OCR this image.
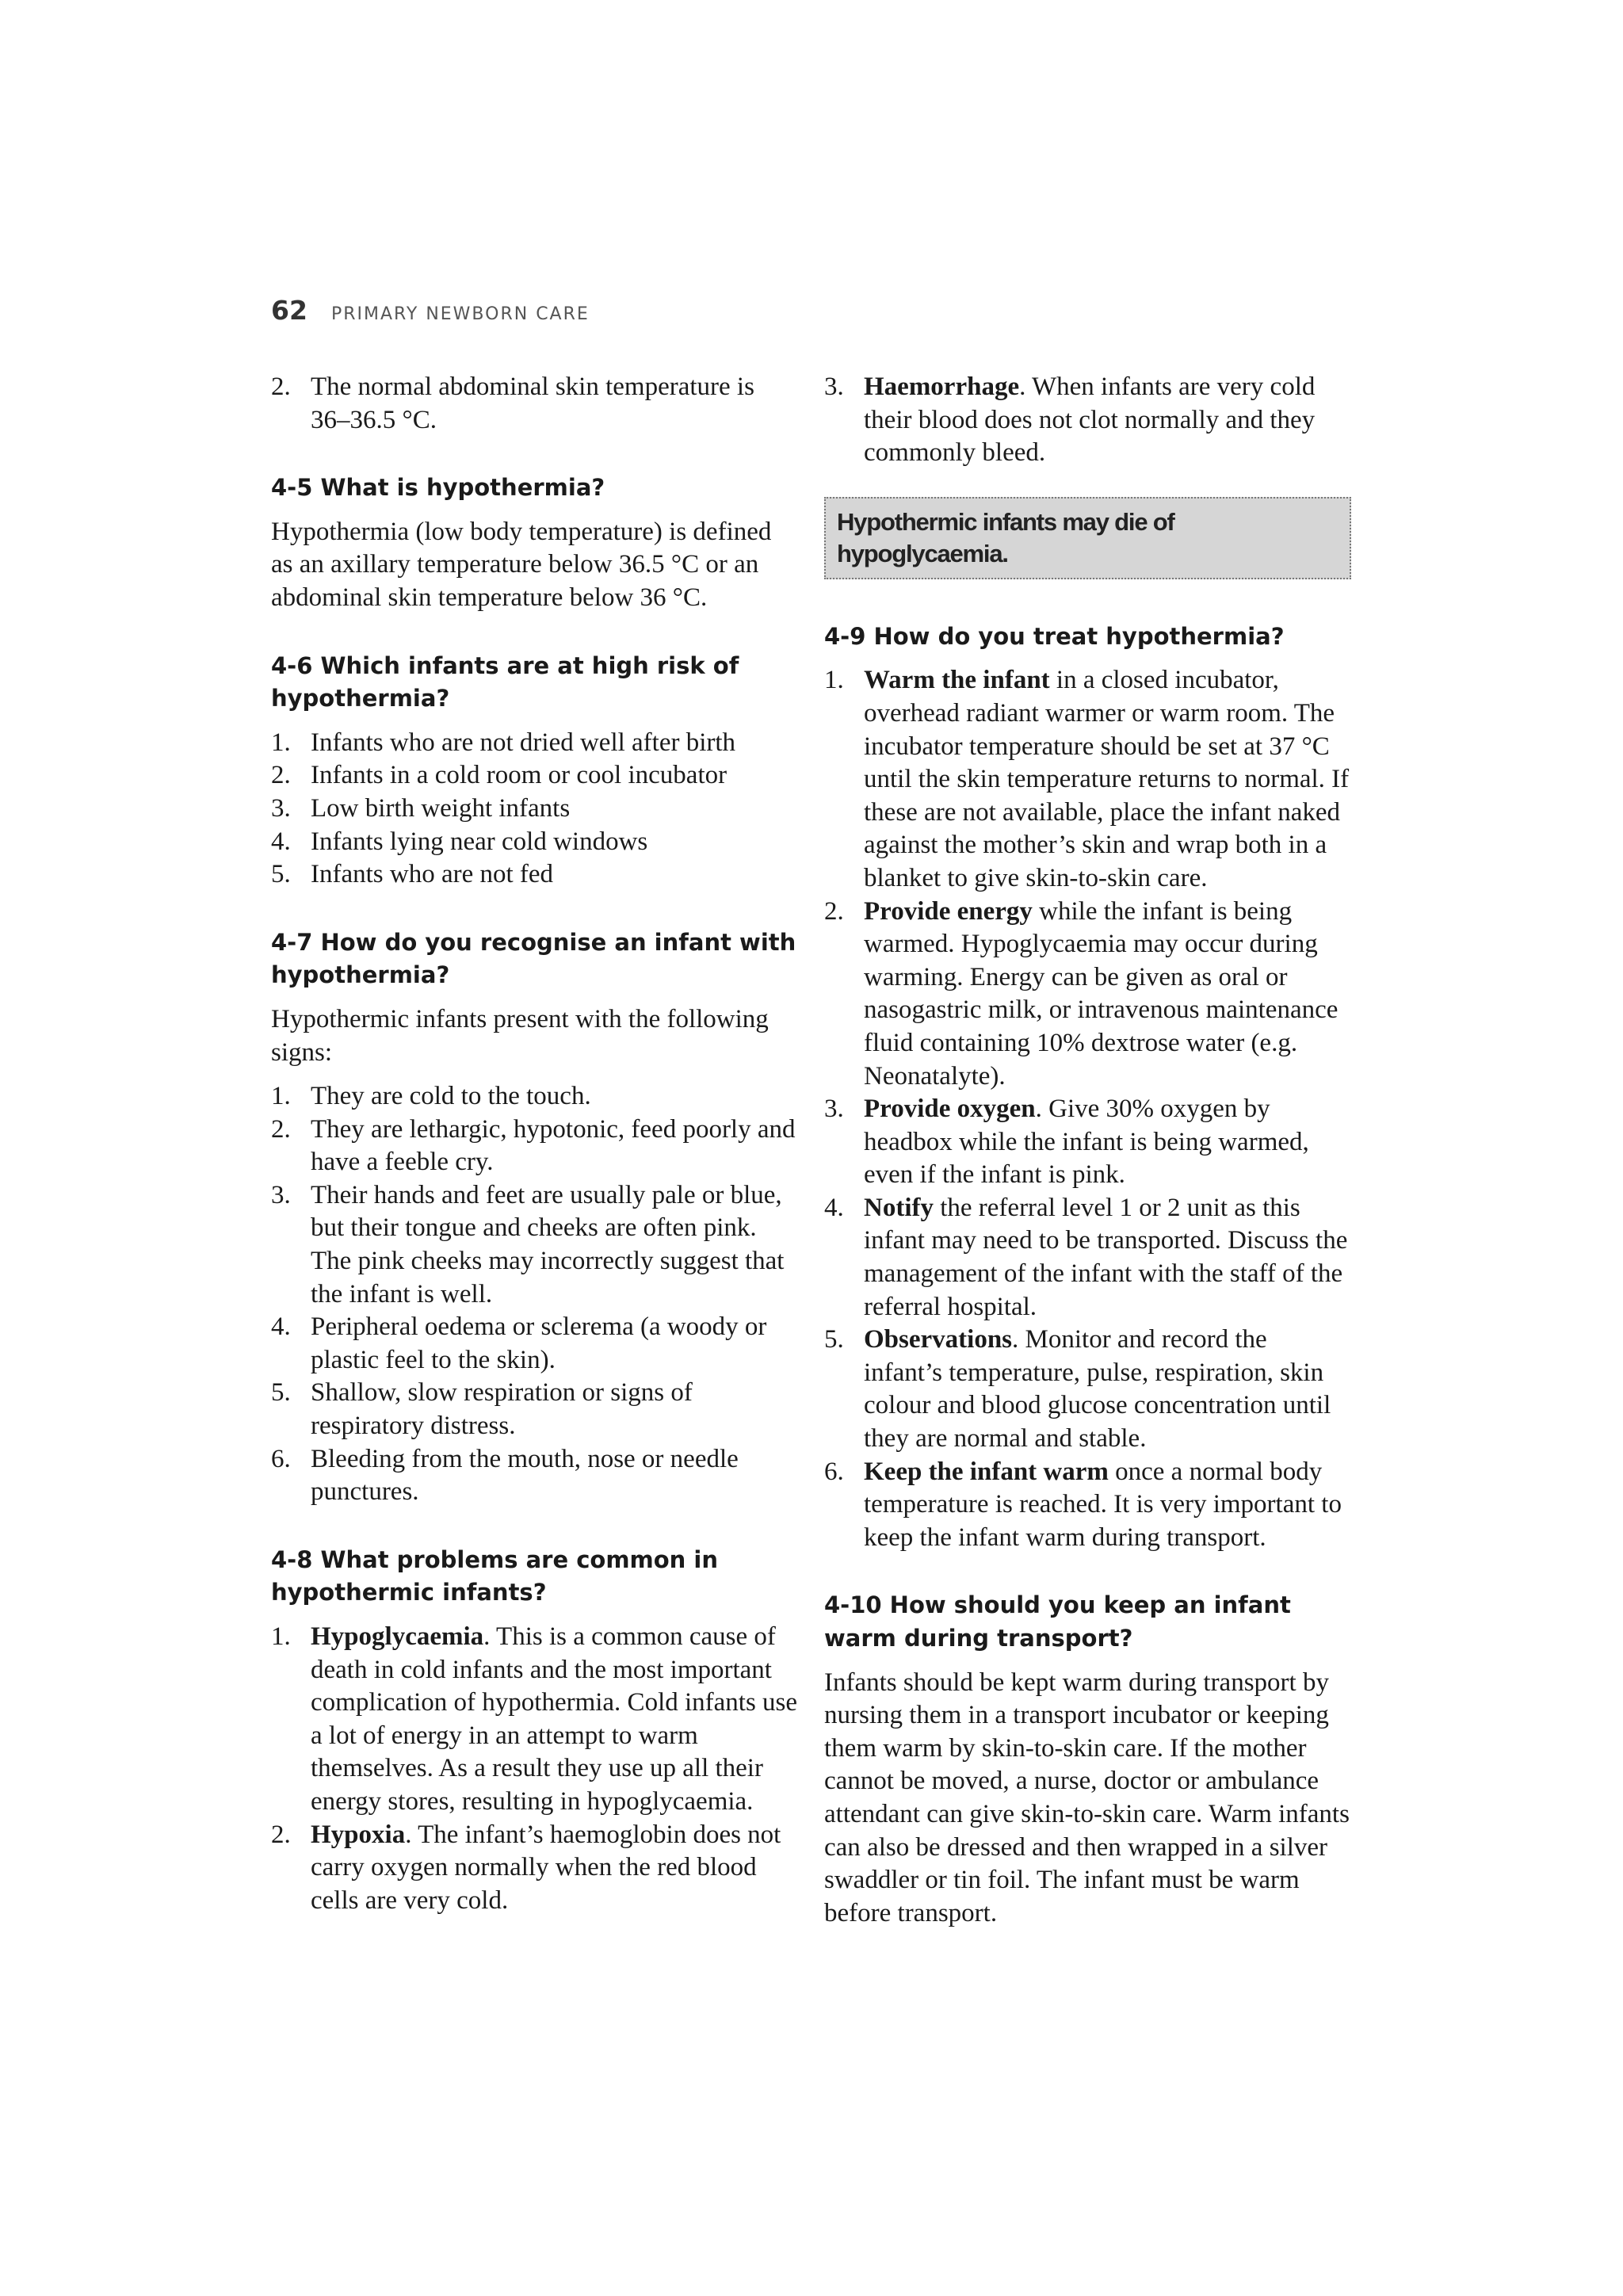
62 PRIMARY NEWBORN CARE
2. The normal abdominal skin temperature is 36–36.5 °C.
4-5 What is hypothermia?

Hypothermia (low body temperature) is defined as an axillary temperature below 36.5 °C or an abdominal skin temperature below 36 °C.

4-6 Which infants are at high risk of hypothermia?
1. Infants who are not dried well after birth
2. Infants in a cold room or cool incubator
3. Low birth weight infants
4. Infants lying near cold windows
5. Infants who are not fed
4-7 How do you recognise an infant with hypothermia?

Hypothermic infants present with the following signs:

1. They are cold to the touch.
2. They are lethargic, hypotonic, feed poorly and have a feeble cry.
3. Their hands and feet are usually pale or blue, but their tongue and cheeks are often pink. The pink cheeks may incorrectly suggest that the infant is well.
4. Peripheral oedema or sclerema (a woody or plastic feel to the skin).
5. Shallow, slow respiration or signs of respiratory distress.
6. Bleeding from the mouth, nose or needle punctures.
4-8 What problems are common in hypothermic infants?
1. Hypoglycaemia. This is a common cause of death in cold infants and the most important complication of hypothermia. Cold infants use a lot of energy in an attempt to warm themselves. As a result they use up all their energy stores, resulting in hypoglycaemia.
2. Hypoxia. The infant’s haemoglobin does not carry oxygen normally when the red blood cells are very cold.
3. Haemorrhage. When infants are very cold their blood does not clot normally and they commonly bleed.
Hypothermic infants may die of hypoglycaemia.
4-9 How do you treat hypothermia?
1. Warm the infant in a closed incubator, overhead radiant warmer or warm room. The incubator temperature should be set at 37 °C until the skin temperature returns to normal. If these are not available, place the infant naked against the mother’s skin and wrap both in a blanket to give skin-to-skin care.
2. Provide energy while the infant is being warmed. Hypoglycaemia may occur during warming. Energy can be given as oral or nasogastric milk, or intravenous maintenance fluid containing 10% dextrose water (e.g. Neonatalyte).
3. Provide oxygen. Give 30% oxygen by headbox while the infant is being warmed, even if the infant is pink.
4. Notify the referral level 1 or 2 unit as this infant may need to be transported. Discuss the management of the infant with the staff of the referral hospital.
5. Observations. Monitor and record the infant’s temperature, pulse, respiration, skin colour and blood glucose concentration until they are normal and stable.
6. Keep the infant warm once a normal body temperature is reached. It is very important to keep the infant warm during transport.
4-10 How should you keep an infant warm during transport?

Infants should be kept warm during transport by nursing them in a transport incubator or keeping them warm by skin-to-skin care. If the mother cannot be moved, a nurse, doctor or ambulance attendant can give skin-to-skin care. Warm infants can also be dressed and then wrapped in a silver swaddler or tin foil. The infant must be warm before transport.
